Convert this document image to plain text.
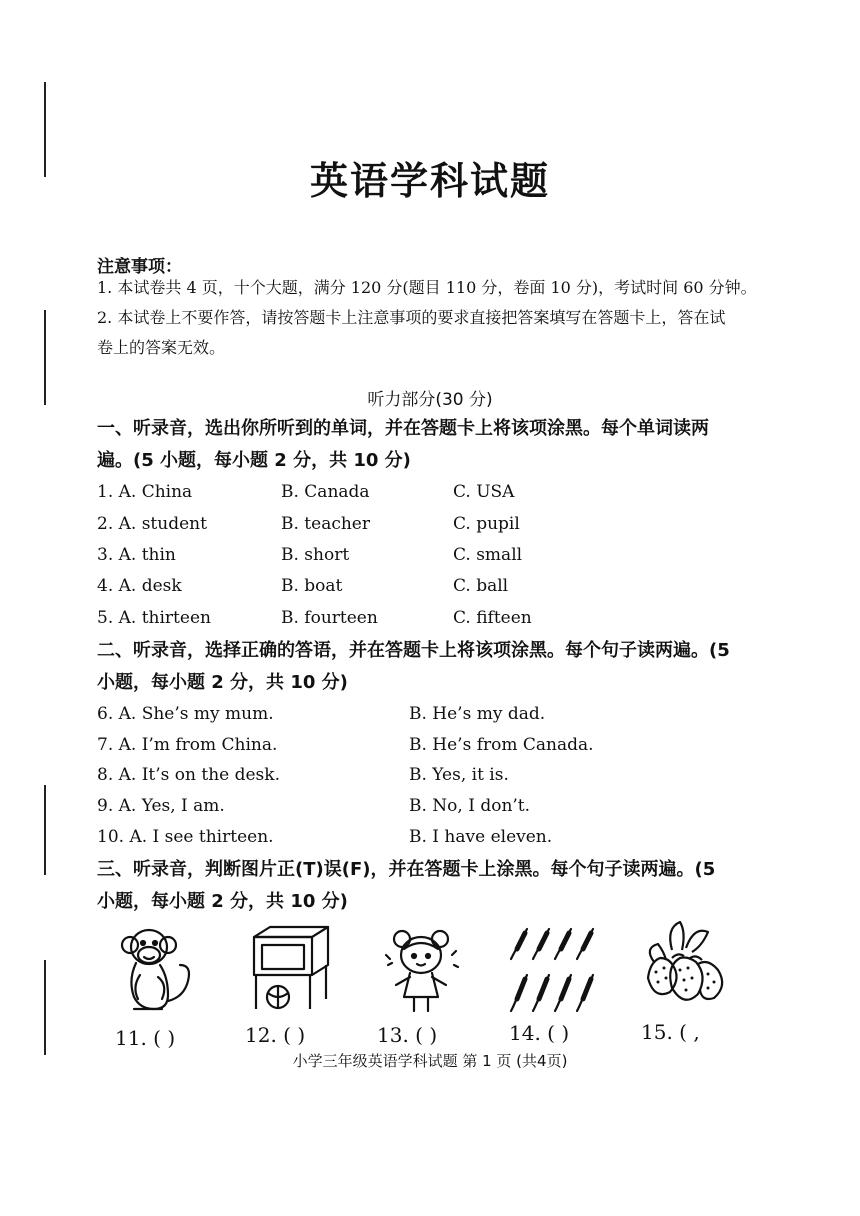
英语学科试题
注意事项：
1. 本试卷共 4 页，十个大题，满分 120 分(题目 110 分，卷面 10 分)，考试时间 60 分钟。
2. 本试卷上不要作答，请按答题卡上注意事项的要求直接把答案填写在答题卡上，答在试
卷上的答案无效。
听力部分(30 分)
一、听录音，选出你所听到的单词，并在答题卡上将该项涂黑。每个单词读两
遍。(5 小题，每小题 2 分，共 10 分)
1. A. China	B. Canada	C. USA
2. A. student	B. teacher	C. pupil
3. A. thin	B. short	C. small
4. A. desk	B. boat	C. ball
5. A. thirteen	B. fourteen	C. fifteen
二、听录音，选择正确的答语，并在答题卡上将该项涂黑。每个句子读两遍。(5
小题，每小题 2 分，共 10 分)
6. A. She’s my mum.	B. He’s my dad.
7. A. I’m from China.	B. He’s from Canada.
8. A. It’s on the desk.	B. Yes, it is.
9. A. Yes, I am.	B. No, I don’t.
10. A. I see thirteen.	B. I have eleven.
三、听录音，判断图片正(T)误(F)，并在答题卡上涂黑。每个句子读两遍。(5
小题，每小题 2 分，共 10 分)
11. ( )	12. ( )	13. ( )	14. ( )	15. ( ,
小学三年级英语学科试题 第 1 页 (共4页)
